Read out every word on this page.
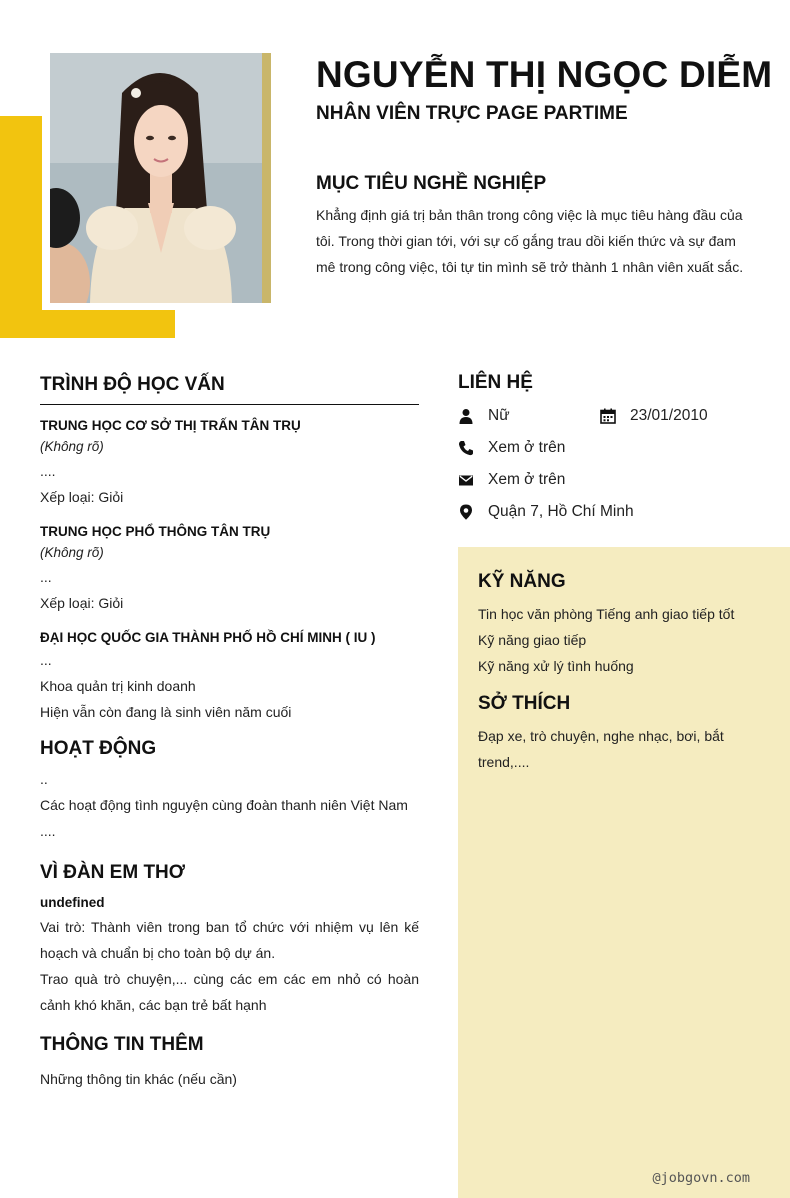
NGUYỄN THỊ NGỌC DIỄM
NHÂN VIÊN TRỰC PAGE PARTIME
MỤC TIÊU NGHỀ NGHIỆP
Khẳng định giá trị bản thân trong công việc là mục tiêu hàng đầu của tôi. Trong thời gian tới, với sự cố gắng trau dồi kiến thức và sự đam mê trong công việc, tôi tự tin mình sẽ trở thành 1 nhân viên xuất sắc.
TRÌNH ĐỘ HỌC VẤN
TRUNG HỌC CƠ SỞ THỊ TRẤN TÂN TRỤ
(Không rõ)
....
Xếp loại: Giỏi
TRUNG HỌC PHỔ THÔNG TÂN TRỤ
(Không rõ)
...
Xếp loại: Giỏi
ĐẠI HỌC QUỐC GIA THÀNH PHỐ HỒ CHÍ MINH ( IU )
...
Khoa quản trị kinh doanh
Hiện vẫn còn đang là sinh viên năm cuối
HOẠT ĐỘNG
..
Các hoạt động tình nguyện cùng đoàn thanh niên Việt Nam
....
VÌ ĐÀN EM THƠ
undefined
Vai trò: Thành viên trong ban tổ chức với nhiệm vụ lên kế hoạch và chuẩn bị cho toàn bộ dự án.
Trao quà trò chuyện,... cùng các em các em nhỏ có hoàn cảnh khó khăn, các bạn trẻ bất hạnh
THÔNG TIN THÊM
Những thông tin khác (nếu cần)
LIÊN HỆ
Nữ	23/01/2010
Xem ở trên
Xem ở trên
Quận 7, Hồ Chí Minh
KỸ NĂNG
Tin học văn phòng Tiếng anh giao tiếp tốt
Kỹ năng giao tiếp
Kỹ năng xử lý tình huống
SỞ THÍCH
Đạp xe, trò chuyện, nghe nhạc, bơi, bắt trend,....
@jobgovn.com
